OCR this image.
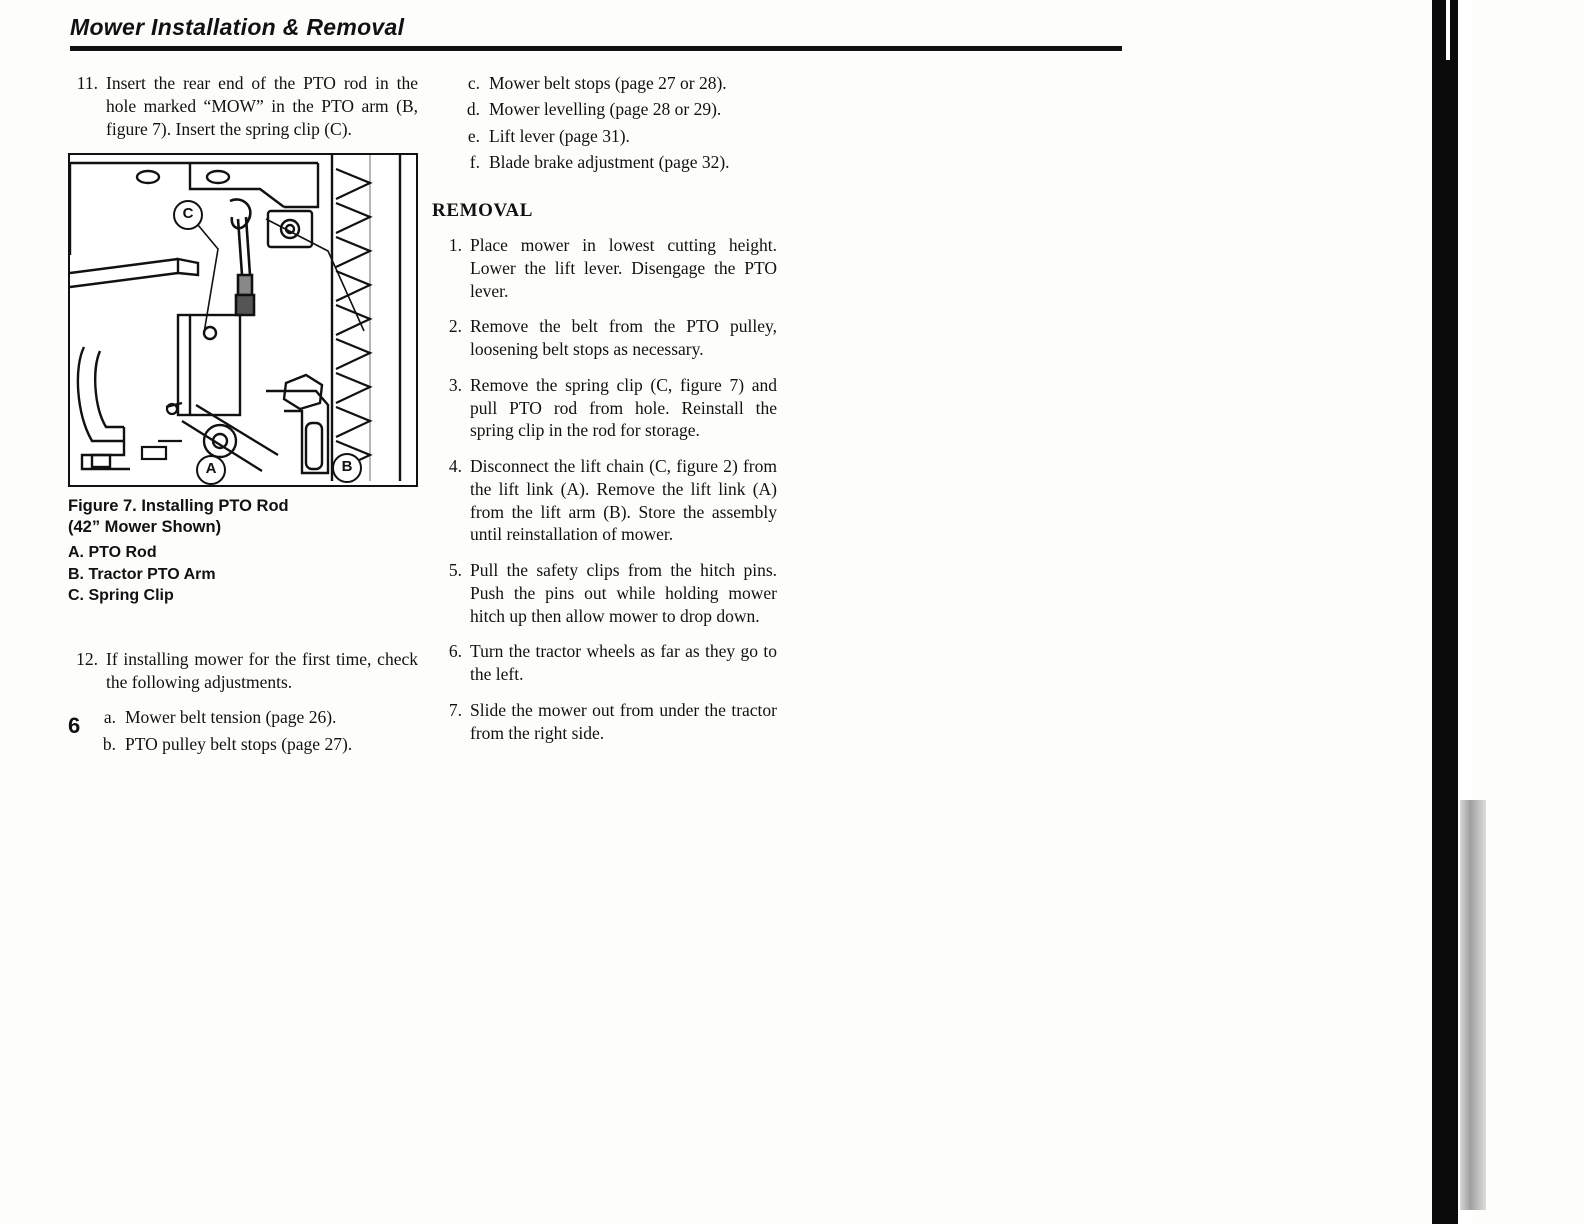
Mower Installation & Removal
11. Insert the rear end of the PTO rod in the hole marked “MOW” in the PTO arm (B, figure 7). Insert the spring clip (C).
C
A	B
Figure 7. Installing PTO Rod
(42” Mower Shown)
A. PTO Rod
B. Tractor PTO Arm
C. Spring Clip
12. If installing mower for the first time, check the following adjustments.
a. Mower belt tension (page 26).
b. PTO pulley belt stops (page 27).
c. Mower belt stops (page 27 or 28).
d. Mower levelling (page 28 or 29).
e. Lift lever (page 31).
f. Blade brake adjustment (page 32).
REMOVAL
1. Place mower in lowest cutting height. Lower the lift lever. Disengage the PTO lever.
2. Remove the belt from the PTO pulley, loosening belt stops as necessary.
3. Remove the spring clip (C, figure 7) and pull PTO rod from hole. Reinstall the spring clip in the rod for storage.
4. Disconnect the lift chain (C, figure 2) from the lift link (A). Remove the lift link (A) from the lift arm (B). Store the assembly until reinstallation of mower.
5. Pull the safety clips from the hitch pins. Push the pins out while holding mower hitch up then allow mower to drop down.
6. Turn the tractor wheels as far as they go to the left.
7. Slide the mower out from under the tractor from the right side.
6
